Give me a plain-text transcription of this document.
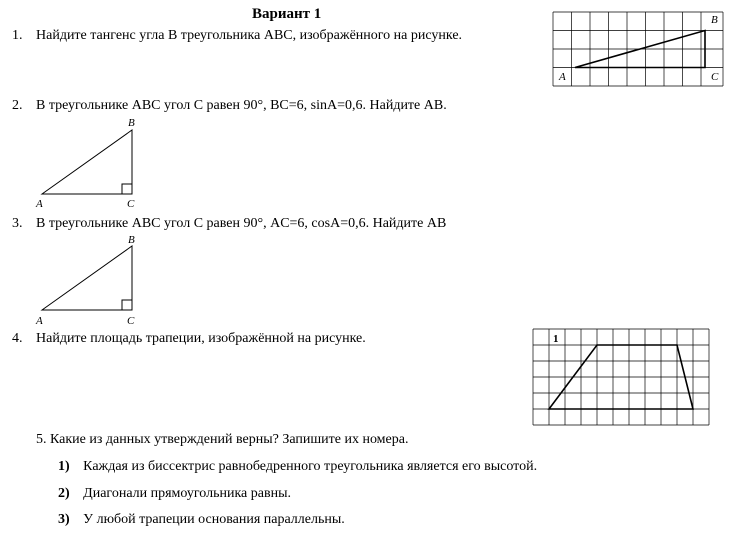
Вариант 1
1. Найдите тангенс угла В треугольника АВС, изображённого на рисунке.
A
B
C
2. В треугольнике ABC угол C равен 90°, BC=6, sinA=0,6. Найдите AB.
A
B
C
3. В треугольнике ABC угол C равен 90°, AC=6, cosA=0,6. Найдите AB
A
B
C
4. Найдите площадь трапеции, изображённой на рисунке.	1
5. Какие из данных утверждений верны? Запишите их номера.
1) Каждая из биссектрис равнобедренного треугольника является его высотой.
2) Диагонали прямоугольника равны.
3) У любой трапеции основания параллельны.
